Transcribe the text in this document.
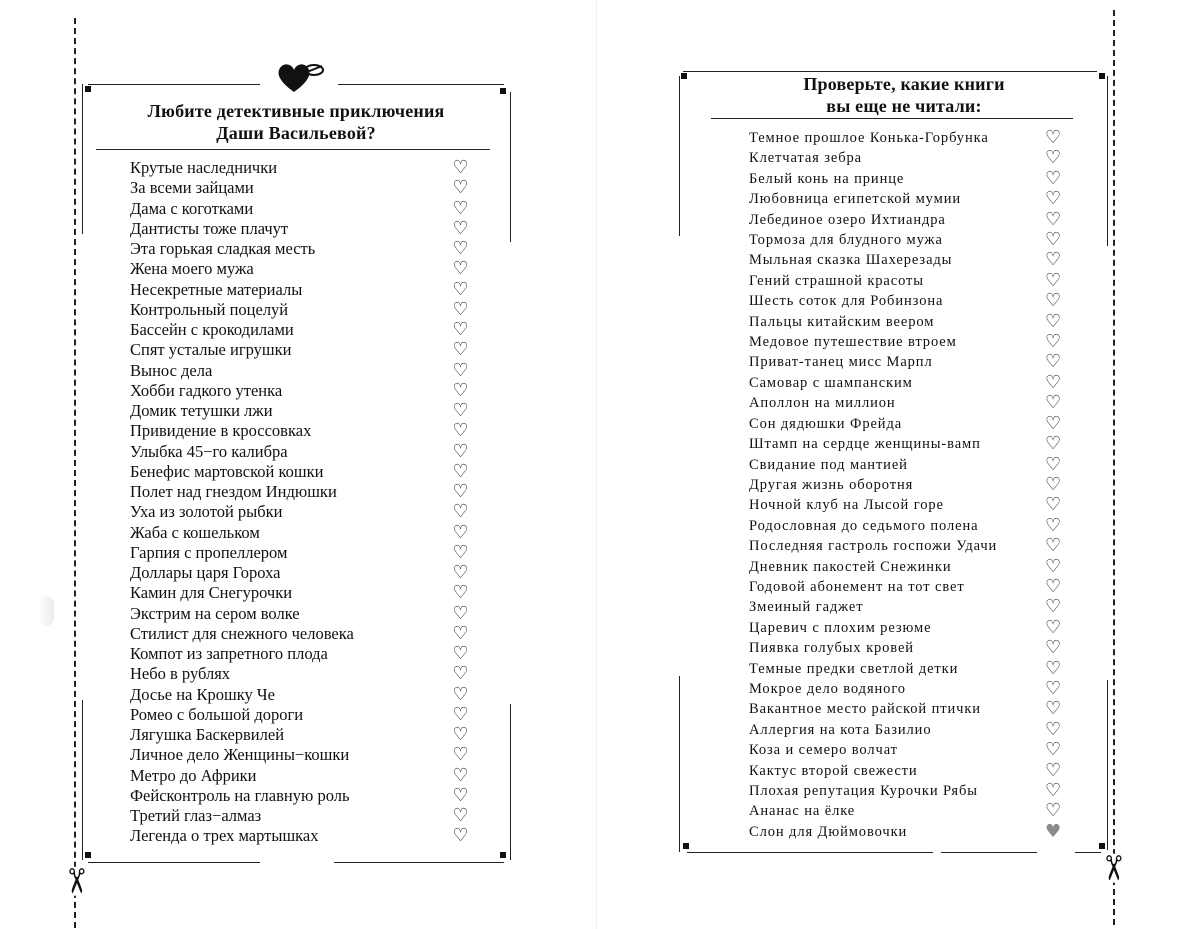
Любите детективные приключения
Даши Васильевой?
Крутые наследнички	♡
За всеми зайцами	♡
Дама с коготками	♡
Дантисты тоже плачут	♡
Эта горькая сладкая месть	♡
Жена моего мужа	♡
Несекретные материалы	♡
Контрольный поцелуй	♡
Бассейн с крокодилами	♡
Спят усталые игрушки	♡
Вынос дела	♡
Хобби гадкого утенка	♡
Домик тетушки лжи	♡
Привидение в кроссовках	♡
Улыбка 45−го калибра	♡
Бенефис мартовской кошки	♡
Полет над гнездом Индюшки	♡
Уха из золотой рыбки	♡
Жаба с кошельком	♡
Гарпия с пропеллером	♡
Доллары царя Гороха	♡
Камин для Снегурочки	♡
Экстрим на сером волке	♡
Стилист для снежного человека	♡
Компот из запретного плода	♡
Небо в рублях	♡
Досье на Крошку Че	♡
Ромео с большой дороги	♡
Лягушка Баскервилей	♡
Личное дело Женщины−кошки	♡
Метро до Африки	♡
Фейсконтроль на главную роль	♡
Третий глаз−алмаз	♡
Легенда о трех мартышках	♡
✂
Проверьте, какие книги
вы еще не читали:
Темное прошлое Конька-Горбунка	♡
Клетчатая зебра	♡
Белый конь на принце	♡
Любовница египетской мумии	♡
Лебединое озеро Ихтиандра	♡
Тормоза для блудного мужа	♡
Мыльная сказка Шахерезады	♡
Гений страшной красоты	♡
Шесть соток для Робинзона	♡
Пальцы китайским веером	♡
Медовое путешествие втроем	♡
Приват-танец мисс Марпл	♡
Самовар с шампанским	♡
Аполлон на миллион	♡
Сон дядюшки Фрейда	♡
Штамп на сердце женщины-вамп	♡
Свидание под мантией	♡
Другая жизнь оборотня	♡
Ночной клуб на Лысой горе	♡
Родословная до седьмого полена	♡
Последняя гастроль госпожи Удачи	♡
Дневник пакостей Снежинки	♡
Годовой абонемент на тот свет	♡
Змеиный гаджет	♡
Царевич с плохим резюме	♡
Пиявка голубых кровей	♡
Темные предки светлой детки	♡
Мокрое дело водяного	♡
Вакантное место райской птички	♡
Аллергия на кота Базилио	♡
Коза и семеро волчат	♡
Кактус второй свежести	♡
Плохая репутация Курочки Рябы	♡
Ананас на ёлке	♡
Слон для Дюймовочки	♥
✂
